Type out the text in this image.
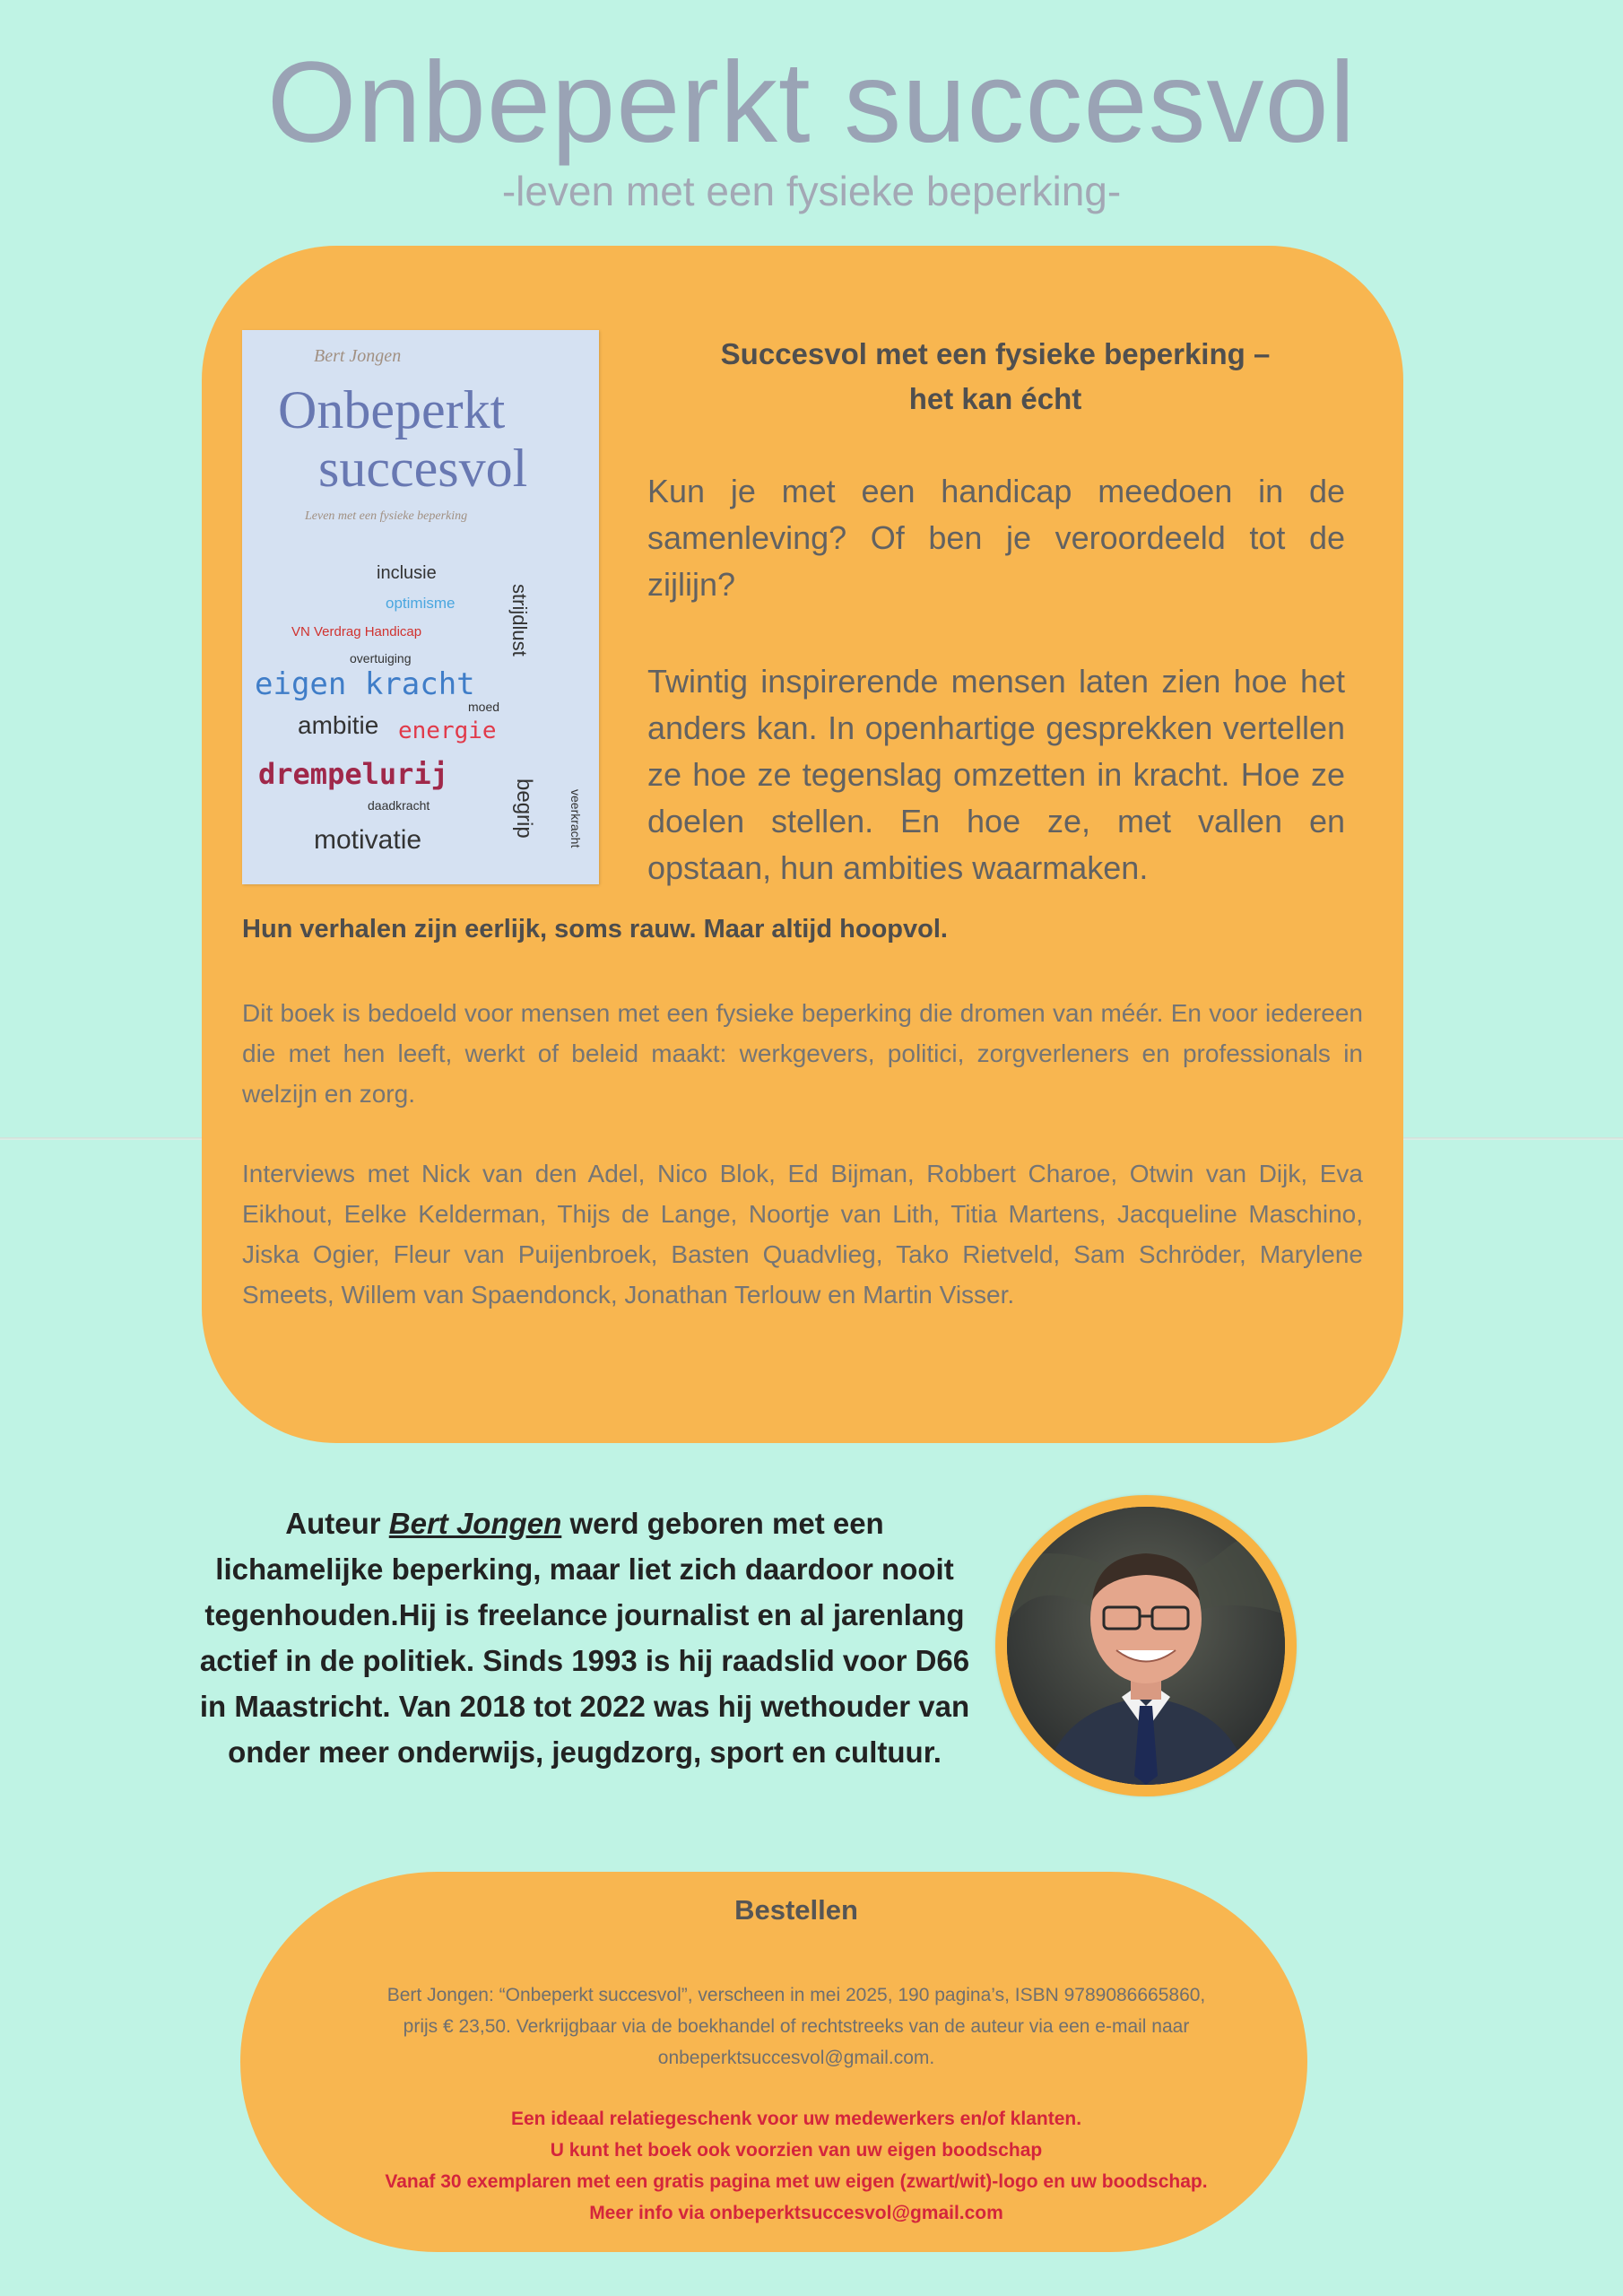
Onbeperkt succesvol
-leven met een fysieke beperking-
Bert Jongen
Onbeperkt
succesvol
Leven met een fysieke beperking
inclusie
optimisme
VN Verdrag Handicap
overtuiging
eigen kracht
moed
ambitie energie
drempelurij
daadkracht
motivatie
strijdlust
begrip	veerkracht
Succesvol met een fysieke beperking –
het kan écht
Kun je met een handicap meedoen in de samenleving? Of ben je veroordeeld tot de zijlijn?
Twintig inspirerende mensen laten zien hoe het anders kan. In openhartige gesprekken vertellen ze hoe ze tegenslag omzetten in kracht. Hoe ze doelen stellen. En hoe ze, met vallen en opstaan, hun ambities waarmaken.
Hun verhalen zijn eerlijk, soms rauw. Maar altijd hoopvol.
Dit boek is bedoeld voor mensen met een fysieke beperking die dromen van méér. En voor iedereen die met hen leeft, werkt of beleid maakt: werkgevers, politici, zorgverleners en professionals in welzijn en zorg.
Interviews met Nick van den Adel, Nico Blok, Ed Bijman, Robbert Charoe, Otwin van Dijk, Eva Eikhout, Eelke Kelderman, Thijs de Lange, Noortje van Lith, Titia Martens, Jacqueline Maschino, Jiska Ogier, Fleur van Puijenbroek, Basten Quadvlieg, Tako Rietveld, Sam Schröder, Marylene Smeets, Willem van Spaendonck, Jonathan Terlouw en Martin Visser.
Auteur Bert Jongen werd geboren met een lichamelijke beperking, maar liet zich daardoor nooit tegenhouden.Hij is freelance journalist en al jarenlang actief in de politiek. Sinds 1993 is hij raadslid voor D66 in Maastricht. Van 2018 tot 2022 was hij wethouder van onder meer onderwijs, jeugdzorg, sport en cultuur.
Bestellen
Bert Jongen: “Onbeperkt succesvol”, verscheen in mei 2025, 190 pagina’s, ISBN 9789086665860,
prijs € 23,50. Verkrijgbaar via de boekhandel of rechtstreeks van de auteur via een e-mail naar
onbeperktsuccesvol@gmail.com.
Een ideaal relatiegeschenk voor uw medewerkers en/of klanten.
U kunt het boek ook voorzien van uw eigen boodschap
Vanaf 30 exemplaren met een gratis pagina met uw eigen (zwart/wit)-logo en uw boodschap.
Meer info via onbeperktsuccesvol@gmail.com
